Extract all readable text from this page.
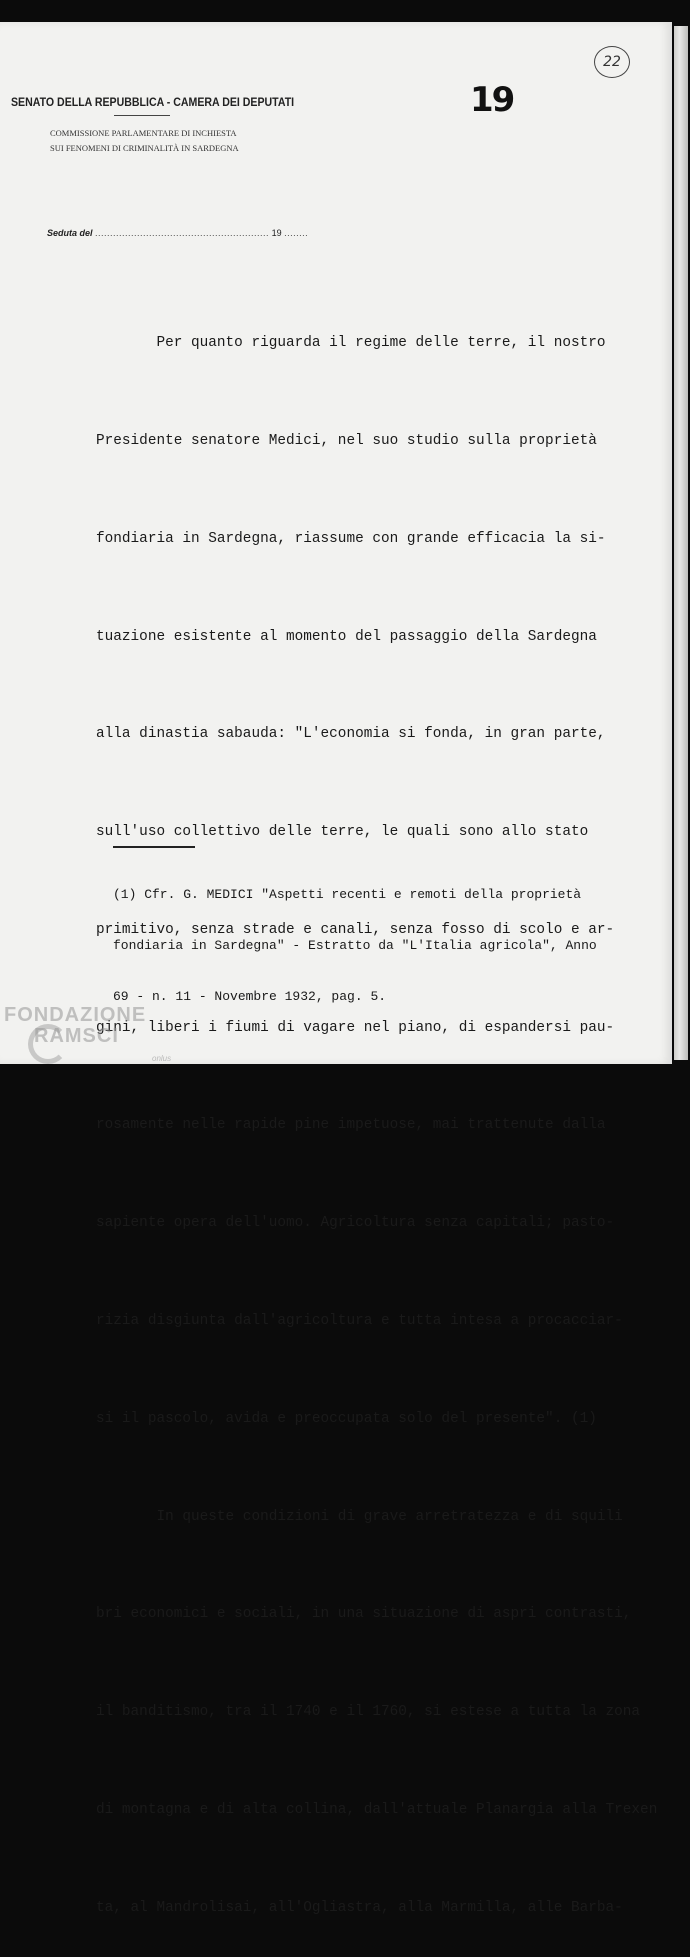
SENATO DELLA REPUBBLICA - CAMERA DEI DEPUTATI
COMMISSIONE PARLAMENTARE DI INCHIESTA
SUI FENOMENI DI CRIMINALITÀ IN SARDEGNA
19
22
Seduta del .......................................................... 19 ........

Per quanto riguarda il regime delle terre, il nostro

Presidente senatore Medici, nel suo studio sulla proprietà

fondiaria in Sardegna, riassume con grande efficacia la si-

tuazione esistente al momento del passaggio della Sardegna

alla dinastia sabauda: "L'economia si fonda, in gran parte,

sull'uso collettivo delle terre, le quali sono allo stato

primitivo, senza strade e canali, senza fosso di scolo e ar-

gini, liberi i fiumi di vagare nel piano, di espandersi pau-

rosamente nelle rapide pine impetuose, mai trattenute dalla

sapiente opera dell'uomo. Agricoltura senza capitali; pasto-

rizia disgiunta dall'agricoltura e tutta intesa a procacciar-

si il pascolo, avida e preoccupata solo del presente". (1)

In queste condizioni di grave arretratezza e di squili

bri economici e sociali, in una situazione di aspri contrasti,

il banditismo, tra il 1740 e il 1760, si estese a tutta la zona

di montagna e di alta collina, dall'attuale Planargia alla Trexen

ta, al Mandrolisai, all'Ogliastra, alla Marmilla, alle Barba-

(1) Cfr. G. MEDICI "Aspetti recenti e remoti della proprietà

fondiaria in Sardegna" - Estratto da "L'Italia agricola", Anno

69 - n. 11 - Novembre 1932, pag. 5.

FONDAZIONE
RAMSCI
onlus
